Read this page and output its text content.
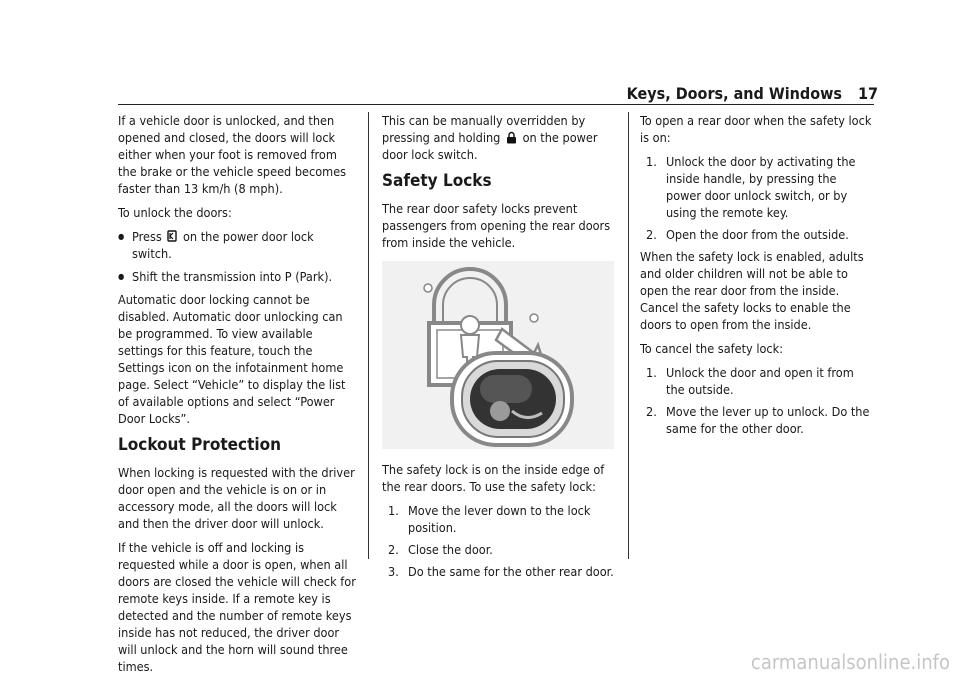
Keys, Doors, and Windows 17

If a vehicle door is unlocked, and then opened and closed, the doors will lock either when your foot is removed from the brake or the vehicle speed becomes faster than 13 km/h (8 mph).

To unlock the doors:

● Press on the power door lock switch.
● Shift the transmission into P (Park).

Automatic door locking cannot be disabled. Automatic door unlocking can be programmed. To view available settings for this feature, touch the Settings icon on the infotainment home page. Select “Vehicle” to display the list of available options and select “Power Door Locks”.

Lockout Protection

When locking is requested with the driver door open and the vehicle is on or in accessory mode, all the doors will lock and then the driver door will unlock.

If the vehicle is off and locking is requested while a door is open, when all doors are closed the vehicle will check for remote keys inside. If a remote key is detected and the number of remote keys inside has not reduced, the driver door will unlock and the horn will sound three times.

This can be manually overridden by pressing and holding on the power door lock switch.

Safety Locks

The rear door safety locks prevent passengers from opening the rear doors from inside the vehicle.

The safety lock is on the inside edge of the rear doors. To use the safety lock:

1. Move the lever down to the lock position.
2. Close the door.
3. Do the same for the other rear door.

To open a rear door when the safety lock is on:

1. Unlock the door by activating the inside handle, by pressing the power door unlock switch, or by using the remote key.
2. Open the door from the outside.

When the safety lock is enabled, adults and older children will not be able to open the rear door from the inside. Cancel the safety locks to enable the doors to open from the inside.

To cancel the safety lock:

1. Unlock the door and open it from the outside.
2. Move the lever up to unlock. Do the same for the other door.
carmanualsonline.info
